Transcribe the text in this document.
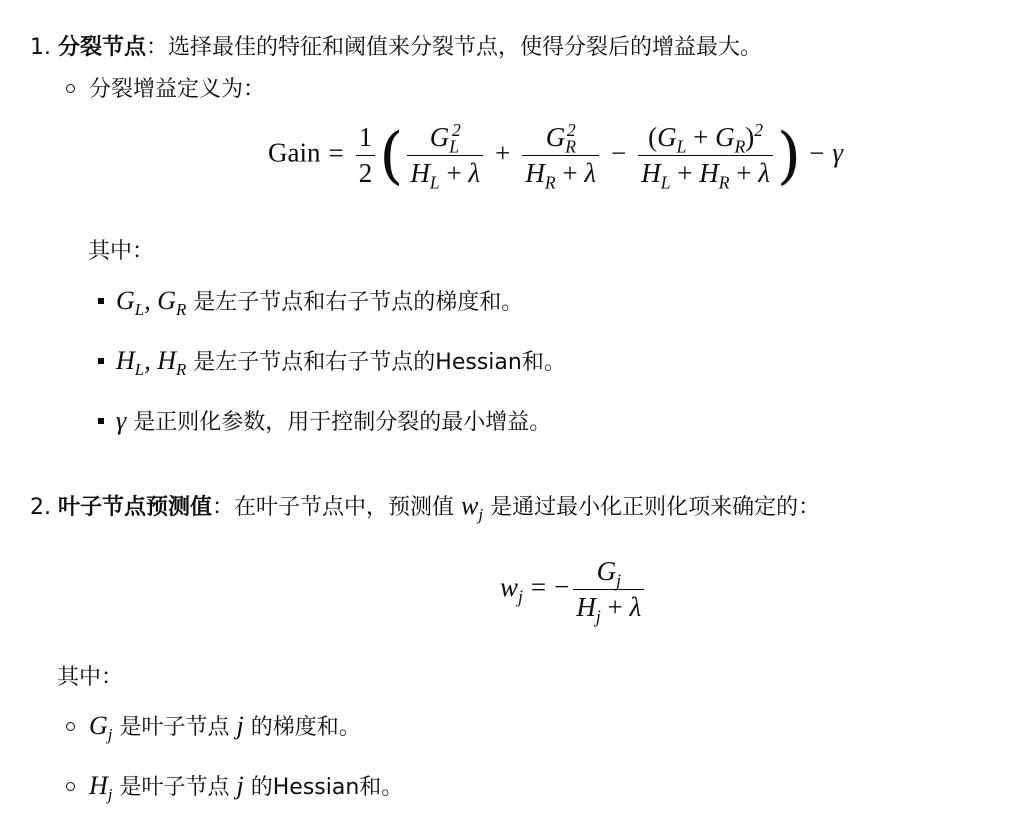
1. 分裂节点：选择最佳的特征和阈值来分裂节点，使得分裂后的增益最大。
分裂增益定义为：
Gain = $\frac{1}{2}$ ( $\frac{G_L^2}{H_L + \lambda} + \frac{G_R^2}{H_R + \lambda} - \frac{(G_L + G_R)^2}{H_L + H_R + \lambda}$ ) − γ
其中：
$G_L$, $G_R$ 是左子节点和右子节点的梯度和。
$H_L$, $H_R$ 是左子节点和右子节点的Hessian和。
γ 是正则化参数，用于控制分裂的最小增益。
2. 叶子节点预测值：在叶子节点中，预测值 $w_j$ 是通过最小化正则化项来确定的：
$w_j$ = − $\frac{G_j}{H_j + \lambda}$
其中：
$G_j$ 是叶子节点 j 的梯度和。
$H_j$ 是叶子节点 j 的Hessian和。
